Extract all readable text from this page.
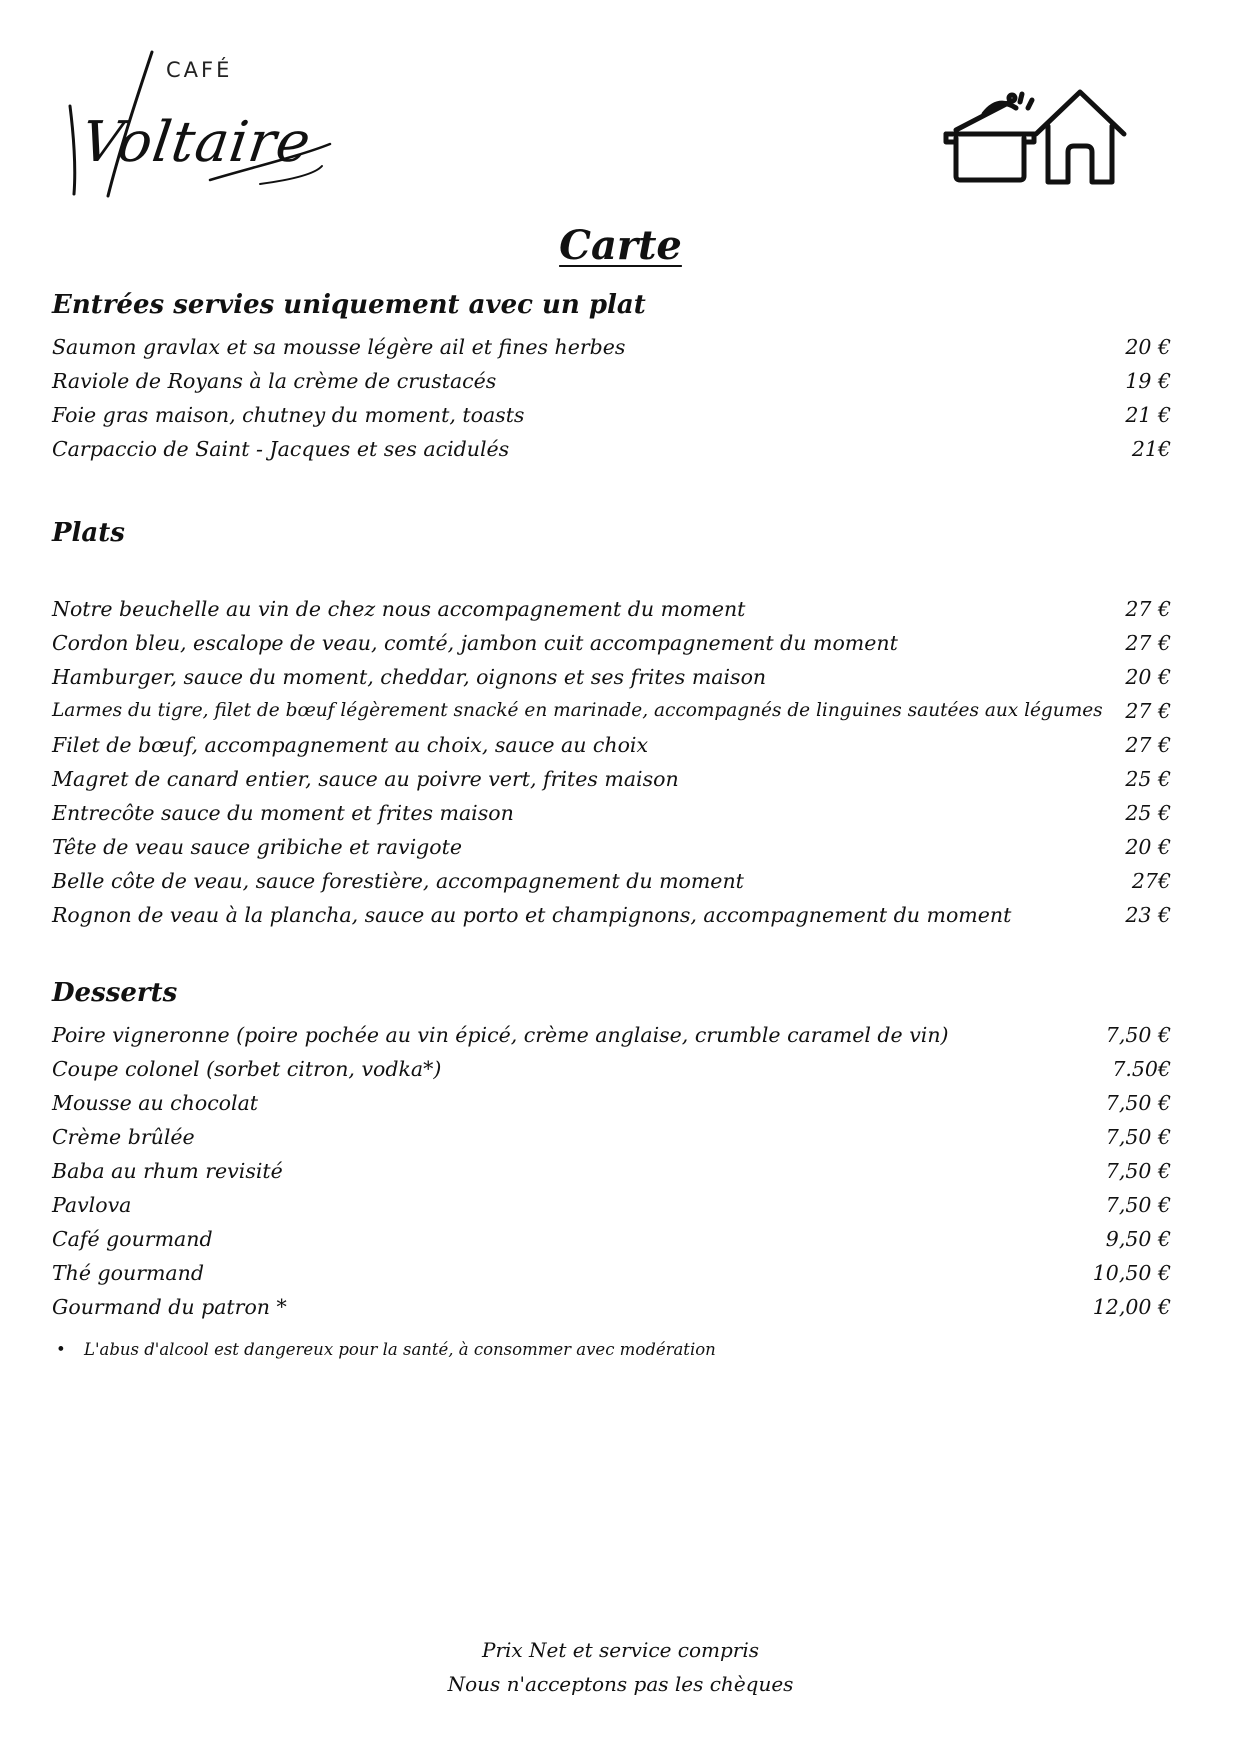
CAFÉ
Voltaire
Carte
Entrées servies uniquement avec un plat
Saumon gravlax et sa mousse légère ail et fines herbes	20 €
Raviole de Royans à la crème de crustacés	19 €
Foie gras maison, chutney du moment, toasts	21 €
Carpaccio de Saint - Jacques et ses acidulés	21€
Plats
Notre beuchelle au vin de chez nous accompagnement du moment	27 €
Cordon bleu, escalope de veau, comté, jambon cuit accompagnement du moment	27 €
Hamburger, sauce du moment, cheddar, oignons et ses frites maison	20 €
Larmes du tigre, filet de bœuf légèrement snacké en marinade, accompagnés de linguines sautées aux légumes 27 €
Filet de bœuf, accompagnement au choix, sauce au choix	27 €
Magret de canard entier, sauce au poivre vert, frites maison	25 €
Entrecôte sauce du moment et frites maison	25 €
Tête de veau sauce gribiche et ravigote	20 €
Belle côte de veau, sauce forestière, accompagnement du moment	27€
Rognon de veau à la plancha, sauce au porto et champignons, accompagnement du moment	23 €
Desserts
Poire vigneronne (poire pochée au vin épicé, crème anglaise, crumble caramel de vin)	7,50 €
Coupe colonel (sorbet citron, vodka*)	7.50€
Mousse au chocolat	7,50 €
Crème brûlée	7,50 €
Baba au rhum revisité	7,50 €
Pavlova	7,50 €
Café gourmand	9,50 €
Thé gourmand	10,50 €
Gourmand du patron *	12,00 €
• L'abus d'alcool est dangereux pour la santé, à consommer avec modération
Prix Net et service compris
Nous n'acceptons pas les chèques
